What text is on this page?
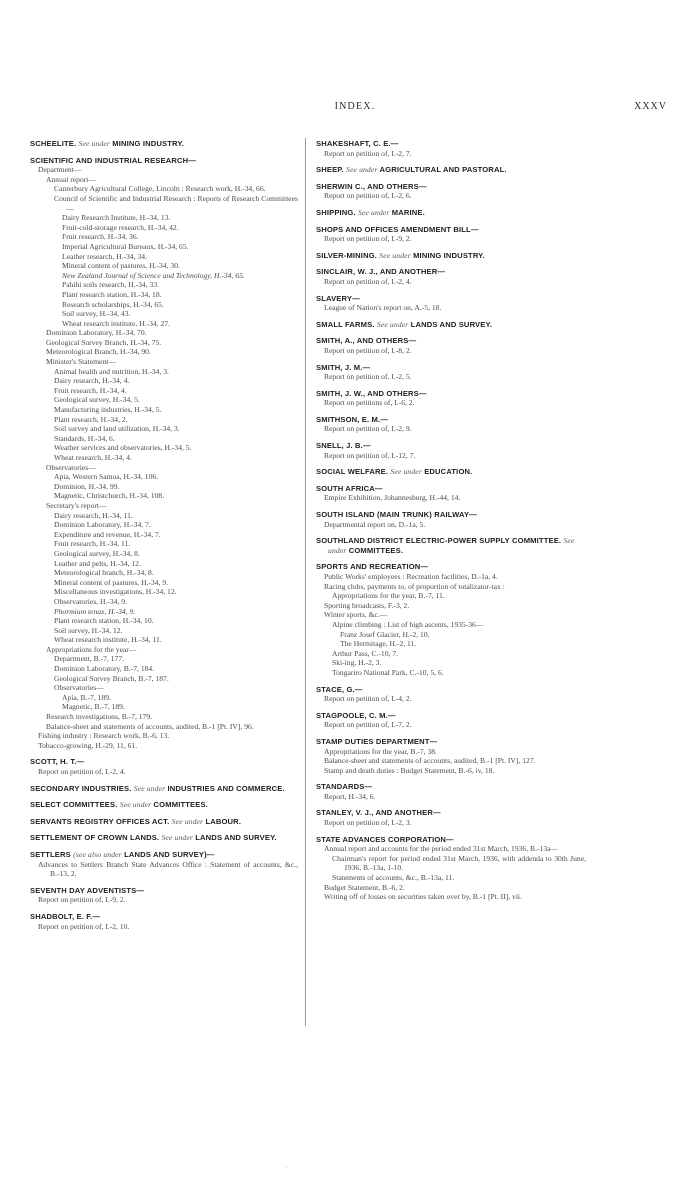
INDEX.	XXXV
SCHEELITE. See under MINING INDUSTRY.
SCIENTIFIC AND INDUSTRIAL RESEARCH—
Department—
Annual report—
Canterbury Agricultural College, Lincoln : Research work, H.-34, 66.
Council of Scientific and Industrial Research : Reports of Research Committees—
Dairy Research Institute, H.-34, 13.
Fruit-cold-storage research, H.-34, 42.
Fruit research, H.-34, 36.
Imperial Agricultural Bureaux, H.-34, 65.
Leather research, H.-34, 34.
Mineral content of pastures, H.-34, 30.
New Zealand Journal of Science and Technology, H.-34, 65.
Pahihi soils research, H.-34, 33.
Plant research station, H.-34, 18.
Research scholarships, H.-34, 65.
Soil survey, H.-34, 43.
Wheat research institute, H.-34, 27.
Dominion Laboratory, H.-34, 70.
Geological Survey Branch, H.-34, 75.
Meteorological Branch, H.-34, 90.
Minister's Statement—
Animal health and nutrition, H.-34, 3.
Dairy research, H.-34, 4.
Fruit research, H.-34, 4.
Geological survey, H.-34, 5.
Manufacturing industries, H.-34, 5.
Plant research, H.-34, 2.
Soil survey and land utilization, H.-34, 3.
Standards, H.-34, 6.
Weather services and observatories, H.-34, 5.
Wheat research, H.-34, 4.
Observatories—
Apia, Western Samoa, H.-34, 106.
Dominion, H.-34, 99.
Magnetic, Christchurch, H.-34, 108.
Secretary's report—
Dairy research, H.-34, 11.
Dominion Laboratory, H.-34, 7.
Expenditure and revenue, H.-34, 7.
Fruit research, H.-34, 11.
Geological survey, H.-34, 8.
Leather and pelts, H.-34, 12.
Meteorological branch, H.-34, 8.
Mineral content of pastures, H.-34, 9.
Miscellaneous investigations, H.-34, 12.
Observatories, H.-34, 9.
Phormium tenax, H.-34, 9.
Plant research station, H.-34, 10.
Soil survey, H.-34, 12.
Wheat research institute, H.-34, 11.
Appropriations for the year—
Department, B.-7, 177.
Dominion Laboratory, B.-7, 184.
Geological Survey Branch, B.-7, 187.
Observatories—
Apia, B.-7, 189.
Magnetic, B.-7, 189.
Research investigations, B.-7, 179.
Balance-sheet and statements of accounts, audited, B.-1 [Pt. IV], 96.
Fishing industry : Research work, B.-6, 13.
Tobacco-growing, H.-29, 11, 61.
SCOTT, H. T.—
Report on petition of, I.-2, 4.
SECONDARY INDUSTRIES. See under INDUSTRIES AND COMMERCE.
SELECT COMMITTEES. See under COMMITTEES.
SERVANTS REGISTRY OFFICES ACT. See under LABOUR.
SETTLEMENT OF CROWN LANDS. See under LANDS AND SURVEY.
SETTLERS (see also under LANDS AND SURVEY)—
Advances to Settlers Branch State Advances Office : Statement of accounts, &c., B.-13, 2.
SEVENTH DAY ADVENTISTS—
Report on petition of, I.-9, 2.
SHADBOLT, E. F.—
Report on petition of, I.-2, 10.
SHAKESHAFT, C. E.—
Report on petition of, I.-2, 7.
SHEEP. See under AGRICULTURAL AND PASTORAL.
SHERWIN C., AND OTHERS—
Report on petition of, I.-2, 6.
SHIPPING. See under MARINE.
SHOPS AND OFFICES AMENDMENT BILL—
Report on petition of, I.-9, 2.
SILVER-MINING. See under MINING INDUSTRY.
SINCLAIR, W. J., AND ANOTHER—
Report on petition of, I.-2, 4.
SLAVERY—
League of Nation's report on, A.-5, 18.
SMALL FARMS. See under LANDS AND SURVEY.
SMITH, A., AND OTHERS—
Report on petition of, I.-8, 2.
SMITH, J. M.—
Report on petition of, I.-2, 5.
SMITH, J. W., AND OTHERS—
Report on petitions of, I.-6, 2.
SMITHSON, E. M.—
Report on petition of, I.-2, 9.
SNELL, J. B.—
Report on petition of, I.-12, 7.
SOCIAL WELFARE. See under EDUCATION.
SOUTH AFRICA—
Empire Exhibition, Johannesburg, H.-44, 14.
SOUTH ISLAND (MAIN TRUNK) RAILWAY—
Departmental report on, D.-1a, 5.
SOUTHLAND DISTRICT ELECTRIC-POWER SUPPLY COMMITTEE. See under COMMITTEES.
SPORTS AND RECREATION—
Public Works' employees : Recreation facilities, D.-1a, 4.
Racing clubs, payments to, of proportion of totalizator-tax :
Appropriations for the year, B.-7, 11.
Sporting broadcasts, F.-3, 2.
Winter sports, &c.—
Alpine climbing : List of high ascents, 1935-36—
Franz Josef Glacier, H.-2, 10.
The Hermitage, H.-2, 11.
Arthur Pass, C.-10, 7.
Ski-ing, H.-2, 3.
Tongariro National Park, C.-10, 5, 6.
STACE, G.—
Report on petition of, I.-4, 2.
STAGPOOLE, C. M.—
Report on petition of, I.-7, 2.
STAMP DUTIES DEPARTMENT—
Appropriations for the year, B.-7, 38.
Balance-sheet and statements of accounts, audited, B.-1 [Pt. IV], 127.
Stamp and death duties : Budget Statement, B.-6, iv, 18.
STANDARDS—
Report, H.-34, 6.
STANLEY, V. J., AND ANOTHER—
Report on petition of, I.-2, 3.
STATE ADVANCES CORPORATION—
Annual report and accounts for the period ended 31st March, 1936, B.-13a—
Chairman's report for period ended 31st March, 1936, with addenda to 30th June, 1936, B.-13a, 1-10.
Statements of accounts, &c., B.-13a, 11.
Budget Statement, B.-6, 2.
Writing off of losses on securities taken over by, B.-1 [Pt. II], vii.
·
